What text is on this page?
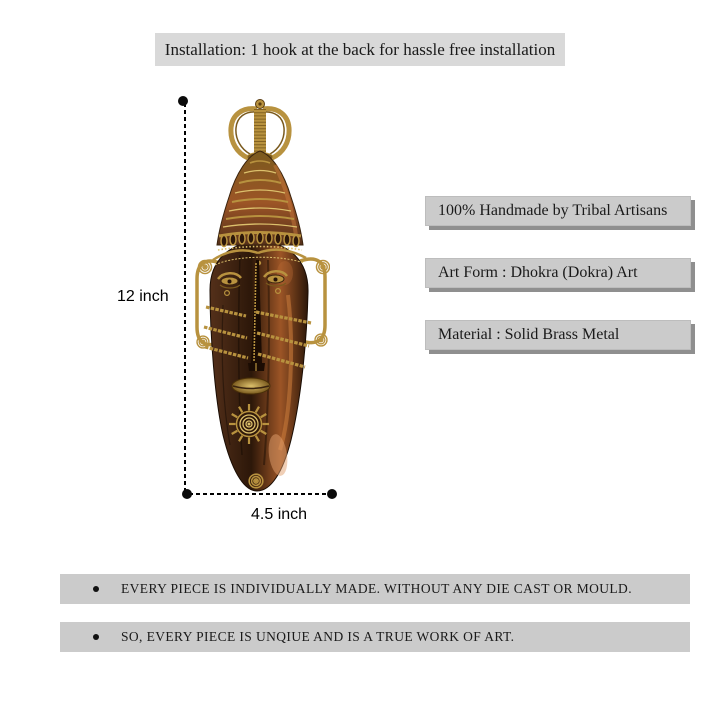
Installation: 1 hook at the back for hassle free installation
12 inch
4.5 inch
100% Handmade by Tribal Artisans
Art Form : Dhokra (Dokra) Art
Material : Solid Brass Metal
EVERY PIECE IS INDIVIDUALLY MADE. WITHOUT ANY DIE CAST OR MOULD.
SO, EVERY PIECE IS UNQIUE AND IS A TRUE WORK OF ART.
